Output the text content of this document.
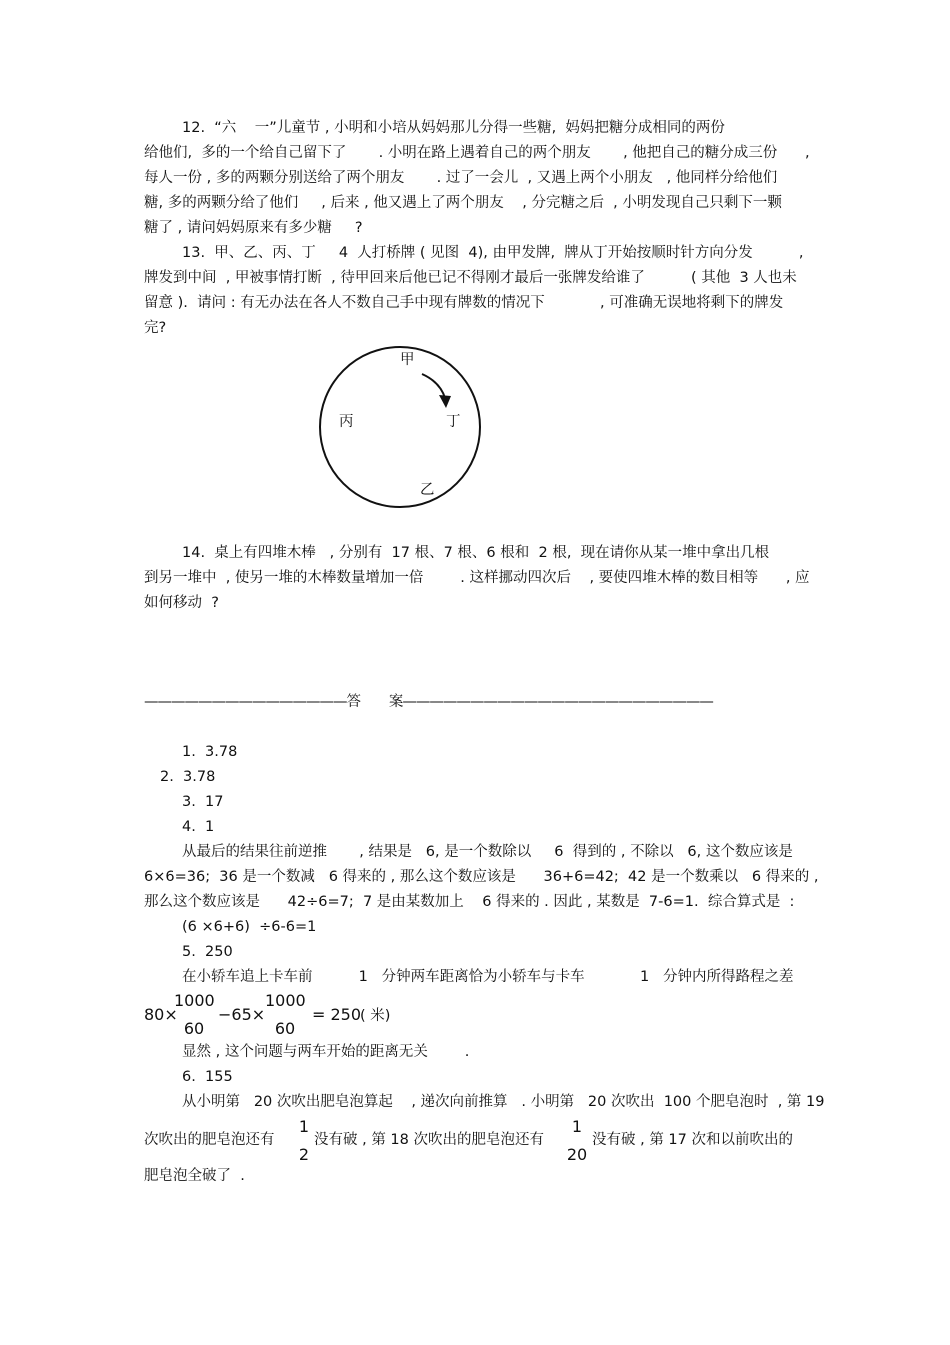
12.  “六    一”儿童节 , 小明和小培从妈妈那儿分得一些糖,  妈妈把糖分成相同的两份
给他们,  多的一个给自己留下了       . 小明在路上遇着自己的两个朋友       , 他把自己的糖分成三份      ,
每人一份 , 多的两颗分别送给了两个朋友       . 过了一会儿  , 又遇上两个小朋友   , 他同样分给他们
糖, 多的两颗分给了他们     , 后来 , 他又遇上了两个朋友    , 分完糖之后  , 小明发现自己只剩下一颗
糖了 , 请问妈妈原来有多少糖     ?
13.  甲、乙、丙、丁     4  人打桥牌 ( 见图  4), 由甲发牌,  牌从丁开始按顺时针方向分发          ,
牌发到中间  , 甲被事情打断  , 待甲回来后他已记不得刚才最后一张牌发给谁了          ( 其他  3 人也未
留意 ).  请问 : 有无办法在各人不数自己手中现有牌数的情况下            , 可准确无误地将剩下的牌发
完?
甲
丙	丁
乙
14.  桌上有四堆木棒   , 分别有  17 根、7 根、6 根和  2 根,  现在请你从某一堆中拿出几根
到另一堆中  , 使另一堆的木棒数量增加一倍        . 这样挪动四次后    , 要使四堆木棒的数目相等      , 应
如何移动  ?
———————————————答        案———————————————————————
1.  3.78
2.  3.78
3.  17
4.  1
从最后的结果往前逆推       , 结果是   6, 是一个数除以     6  得到的 , 不除以   6, 这个数应该是
6×6=36;  36 是一个数减   6 得来的 , 那么这个数应该是      36+6=42;  42 是一个数乘以   6 得来的 ,
那么这个数应该是      42÷6=7;  7 是由某数加上    6 得来的 . 因此 , 某数是  7-6=1.  综合算式是  :
(6 ×6+6)  ÷6-6=1
5.  250
在小轿车追上卡车前          1   分钟两车距离恰为小轿车与卡车            1   分钟内所得路程之差
80×
1000
60
−65×
1000
60
= 250
( 米)
显然 , 这个问题与两车开始的距离无关        .
6.  155
从小明第   20 次吹出肥皂泡算起    , 递次向前推算   . 小明第   20 次吹出  100 个肥皂泡时  , 第 19
次吹出的肥皂泡还有
1
2
没有破 , 第 18 次吹出的肥皂泡还有
1
20
没有破 , 第 17 次和以前吹出的
肥皂泡全破了  .
